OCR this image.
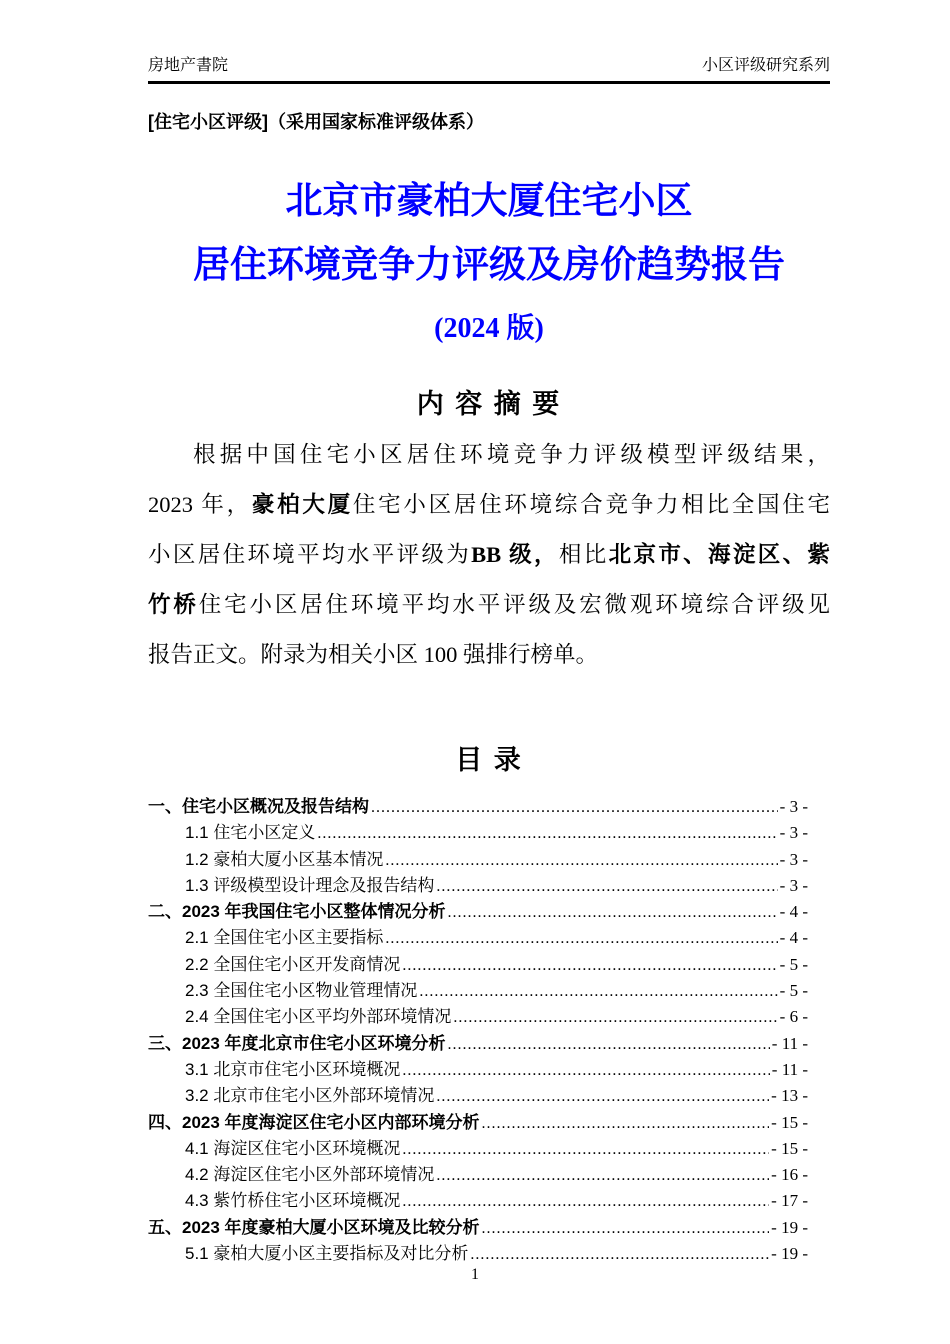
房地产書院	小区评级研究系列
[住宅小区评级]（采用国家标准评级体系）
北京市豪柏大厦住宅小区
居住环境竞争力评级及房价趋势报告
(2024 版)
内 容 摘 要
根据中国住宅小区居住环境竞争力评级模型评级结果，
2023 年，豪柏大厦住宅小区居住环境综合竞争力相比全国住宅
小区居住环境平均水平评级为BB 级，相比北京市、海淀区、紫
竹桥住宅小区居住环境平均水平评级及宏微观环境综合评级见
报告正文。附录为相关小区 100 强排行榜单。
目 录
一、住宅小区概况及报告结构 .....	- 3 -
1.1 住宅小区定义 .....	- 3 -
1.2 豪柏大厦小区基本情况 .....	- 3 -
1.3 评级模型设计理念及报告结构 .....	- 3 -
二、2023 年我国住宅小区整体情况分析 .....	- 4 -
2.1 全国住宅小区主要指标 .....	- 4 -
2.2 全国住宅小区开发商情况 .....	- 5 -
2.3 全国住宅小区物业管理情况 .....	- 5 -
2.4 全国住宅小区平均外部环境情况 .....	- 6 -
三、2023 年度北京市住宅小区环境分析 .....	- 11 -
3.1 北京市住宅小区环境概况 .....	- 11 -
3.2 北京市住宅小区外部环境情况 .....	- 13 -
四、2023 年度海淀区住宅小区内部环境分析 .....	- 15 -
4.1 海淀区住宅小区环境概况 .....	- 15 -
4.2 海淀区住宅小区外部环境情况 .....	- 16 -
4.3 紫竹桥住宅小区环境概况 .....	- 17 -
五、2023 年度豪柏大厦小区环境及比较分析 .....	- 19 -
5.1 豪柏大厦小区主要指标及对比分析 .....	- 19 -
1
